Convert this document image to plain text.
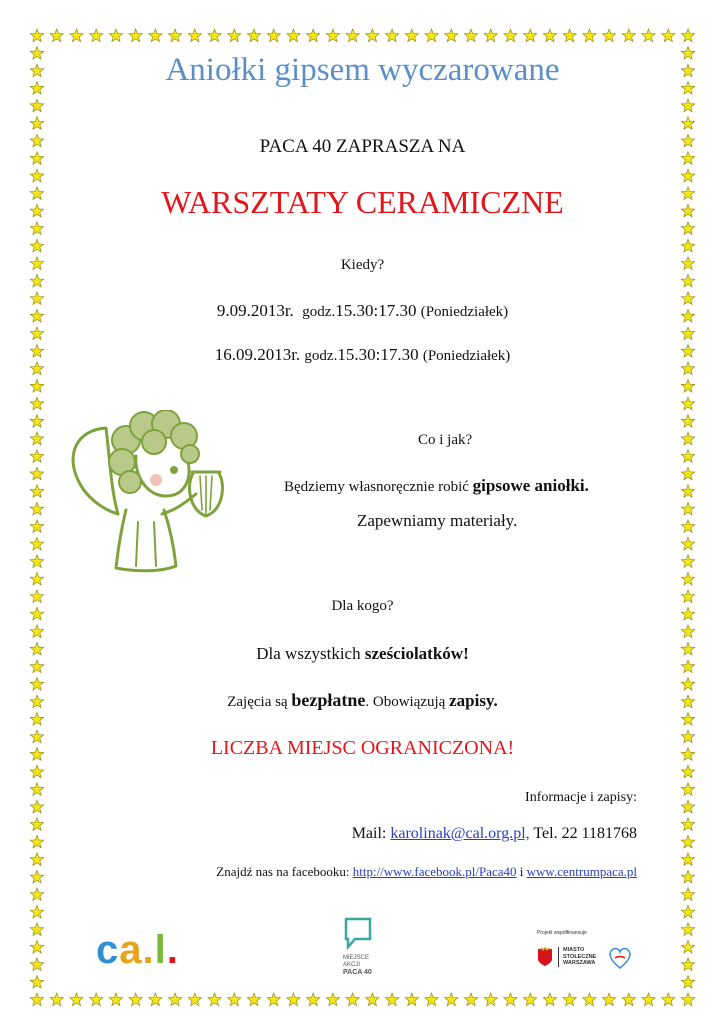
Aniołki gipsem wyczarowane
PACA 40 ZAPRASZA NA
WARSZTATY CERAMICZNE
Kiedy?
9.09.2013r. godz.15.30:17.30 (Poniedziałek)
16.09.2013r. godz.15.30:17.30 (Poniedziałek)
Co i jak?
Będziemy własnoręcznie robić gipsowe aniołki.
Zapewniamy materiały.
Dla kogo?
Dla wszystkich sześciolatków!
Zajęcia są bezpłatne. Obowiązują zapisy.
LICZBA MIEJSC OGRANICZONA!
Informacje i zapisy:
Mail: karolinak@cal.org.pl, Tel. 22 1181768
Znajdź nas na facebooku: http://www.facebook.pl/Paca40 i www.centrumpaca.pl
ca.l.	MIEJSCE
AKCJI
PACA 40
Projekt współfinansuje
MIASTO
STOŁECZNE
WARSZAWA
